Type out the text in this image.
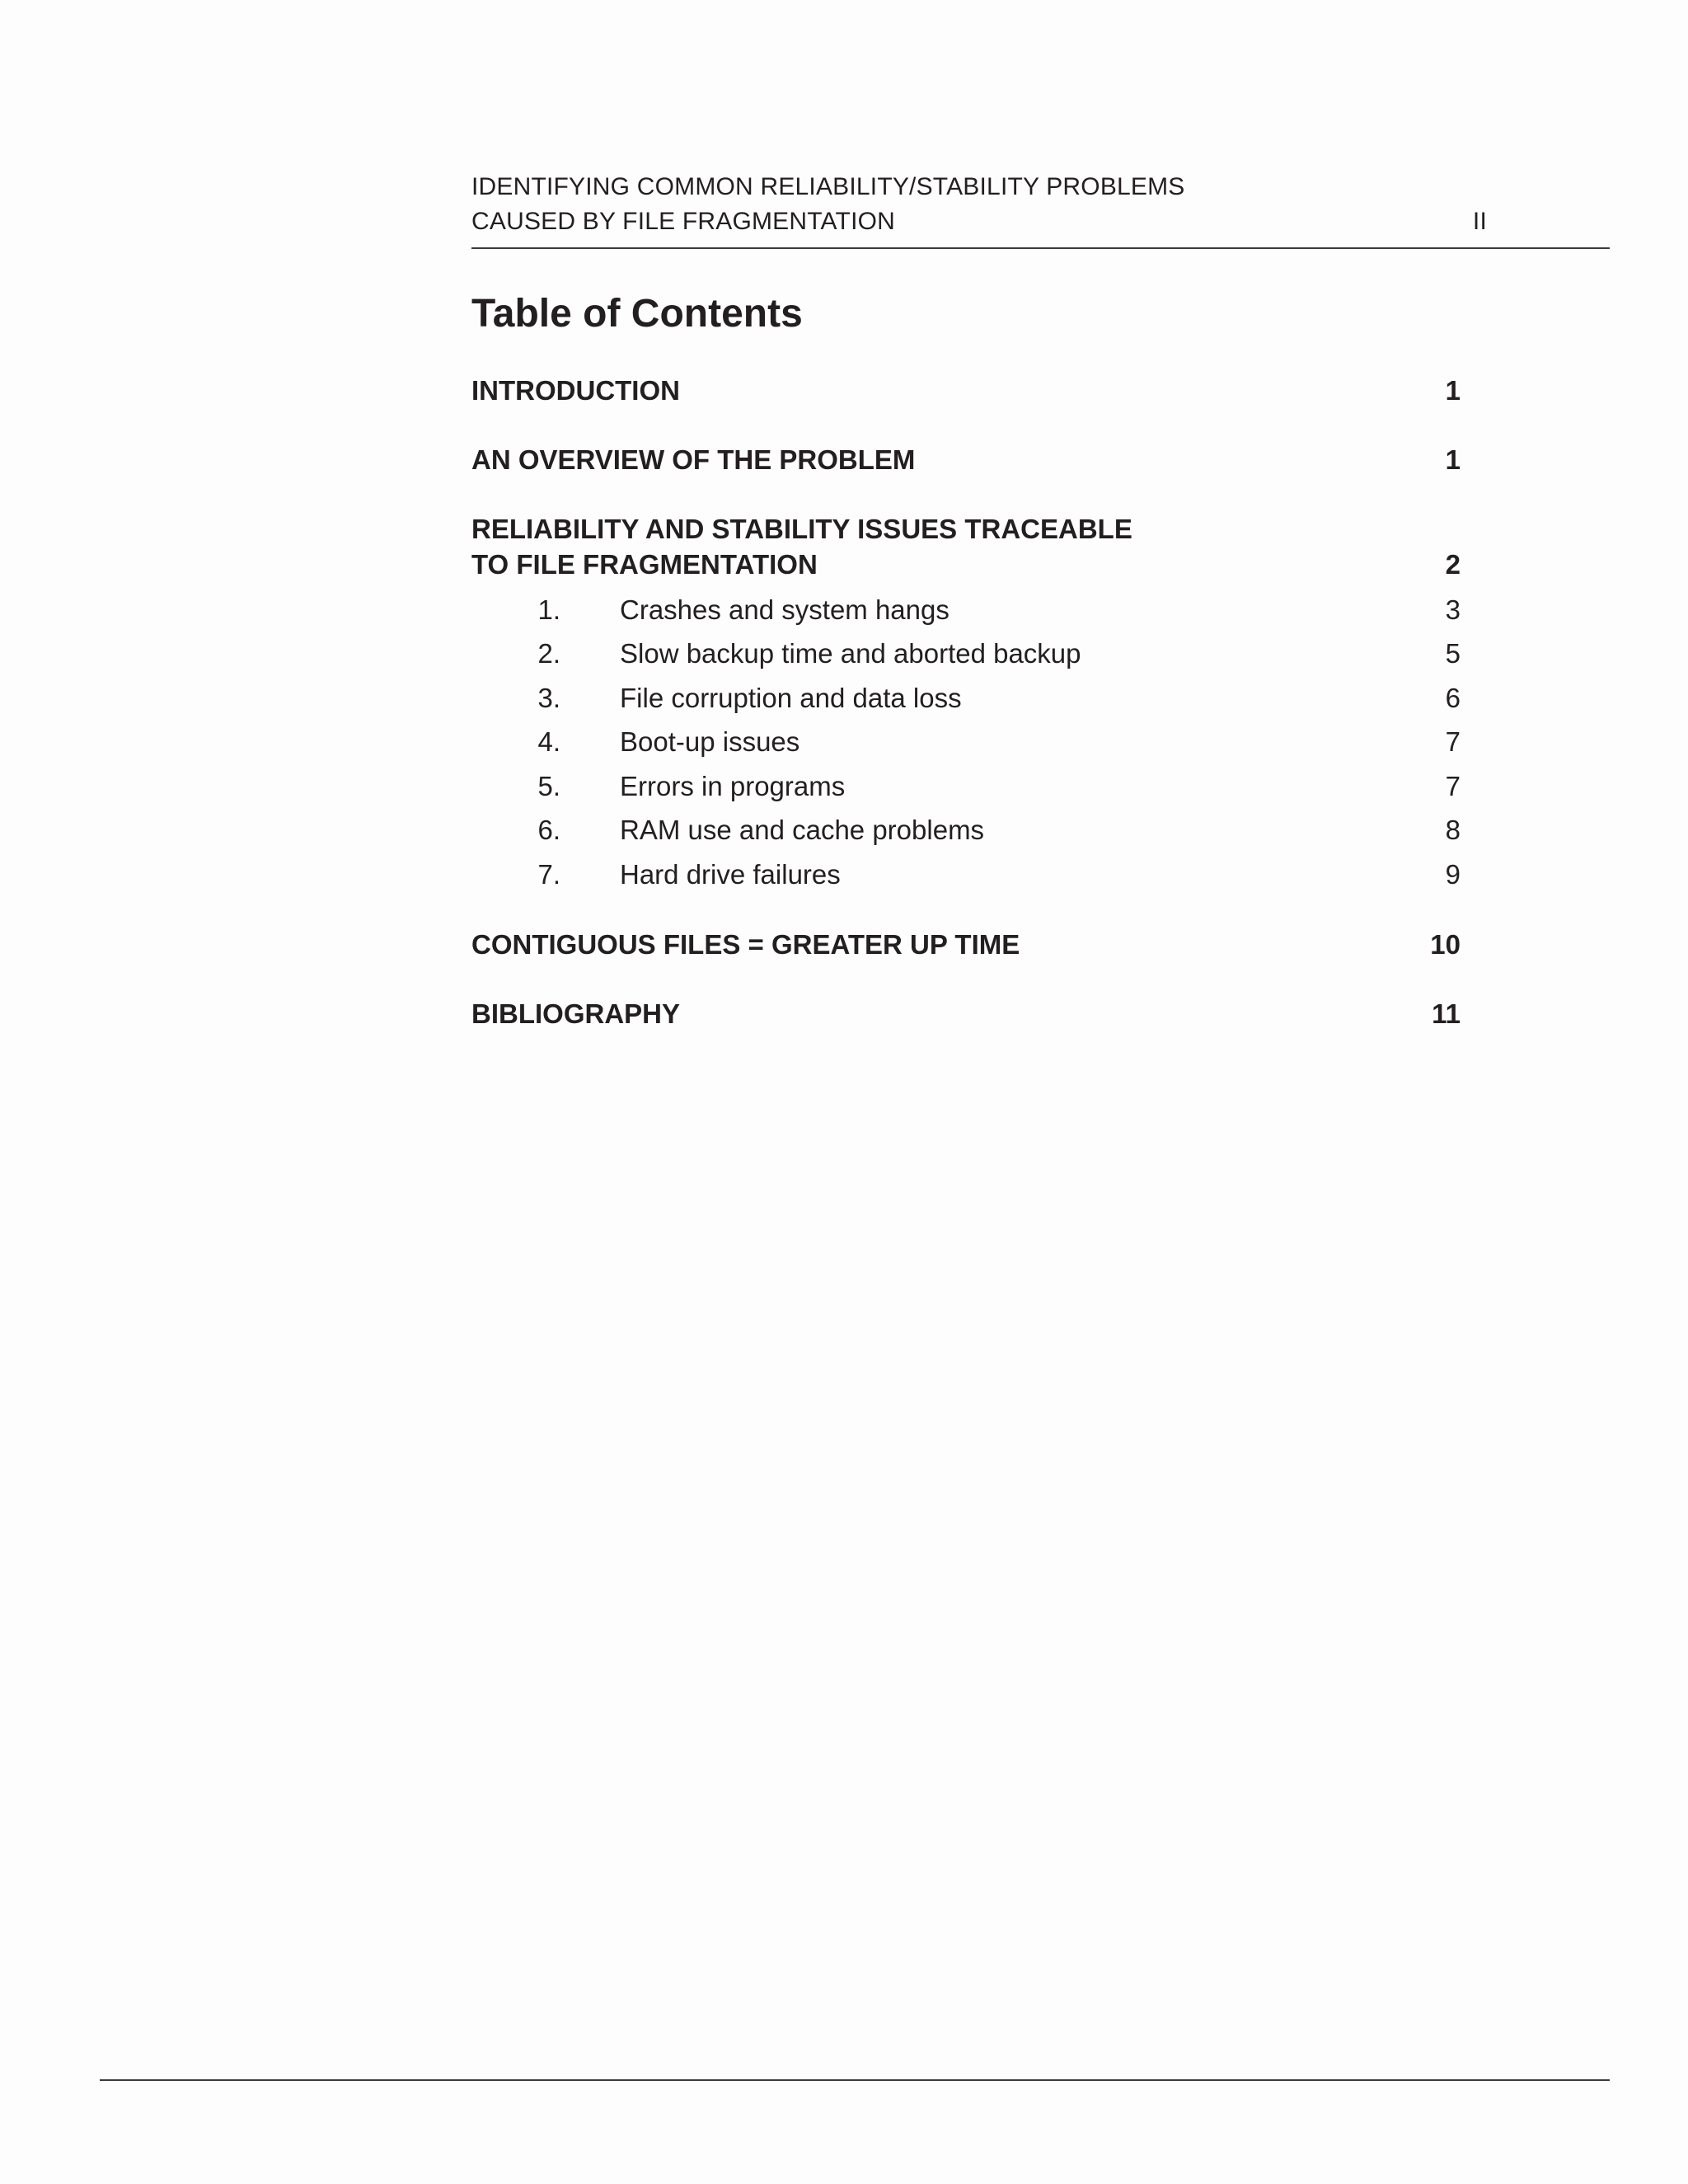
IDENTIFYING COMMON RELIABILITY/STABILITY PROBLEMS
CAUSED BY FILE FRAGMENTATION	II
Table of Contents
INTRODUCTION	1
AN OVERVIEW OF THE PROBLEM	1
RELIABILITY AND STABILITY ISSUES TRACEABLE
TO FILE FRAGMENTATION	2
1. Crashes and system hangs	3
2. Slow backup time and aborted backup	5
3. File corruption and data loss	6
4. Boot-up issues	7
5. Errors in programs	7
6. RAM use and cache problems	8
7. Hard drive failures	9
CONTIGUOUS FILES = GREATER UP TIME	10
BIBLIOGRAPHY	11
